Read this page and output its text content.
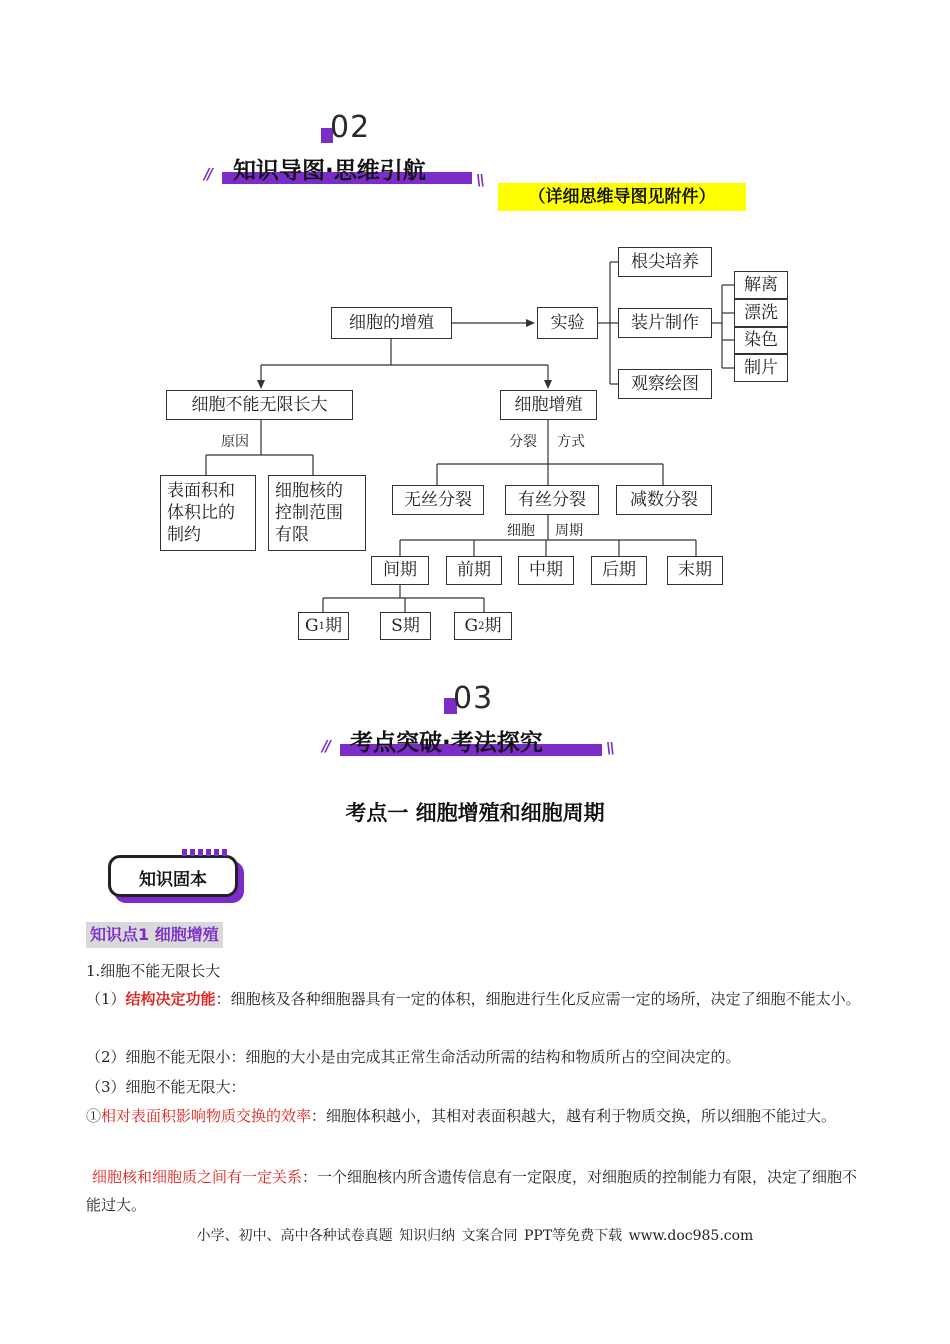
02
// 知识导图·思维引航	\\
（详细思维导图见附件）
细胞的增殖	实验
根尖培养
装片制作
观察绘图
解离
漂洗
染色
制片
细胞不能无限长大	细胞增殖
原因
表面积和
体积比的
制约
细胞核的
控制范围
有限
分裂 方式
无丝分裂	有丝分裂	减数分裂
细胞 周期
间期	前期	中期	后期	末期
G 1 期	S期	G 2 期
03
// 考点突破·考法探究	\\
考点一 细胞增殖和细胞周期
知识固本
知识点1 细胞增殖
1.细胞不能无限长大
（1）结构决定功能：细胞核及各种细胞器具有一定的体积，细胞进行生化反应需一定的场所，决定了细胞不能太小。
（2）细胞不能无限小：细胞的大小是由完成其正常生命活动所需的结构和物质所占的空间决定的。
（3）细胞不能无限大：
①相对表面积影响物质交换的效率：细胞体积越小，其相对表面积越大，越有利于物质交换，所以细胞不能过大。
细胞核和细胞质之间有一定关系：一个细胞核内所含遗传信息有一定限度，对细胞质的控制能力有限，决定了细胞不能过大。
小学、初中、高中各种试卷真题 知识归纳 文案合同 PPT等免费下载 www.doc985.com
